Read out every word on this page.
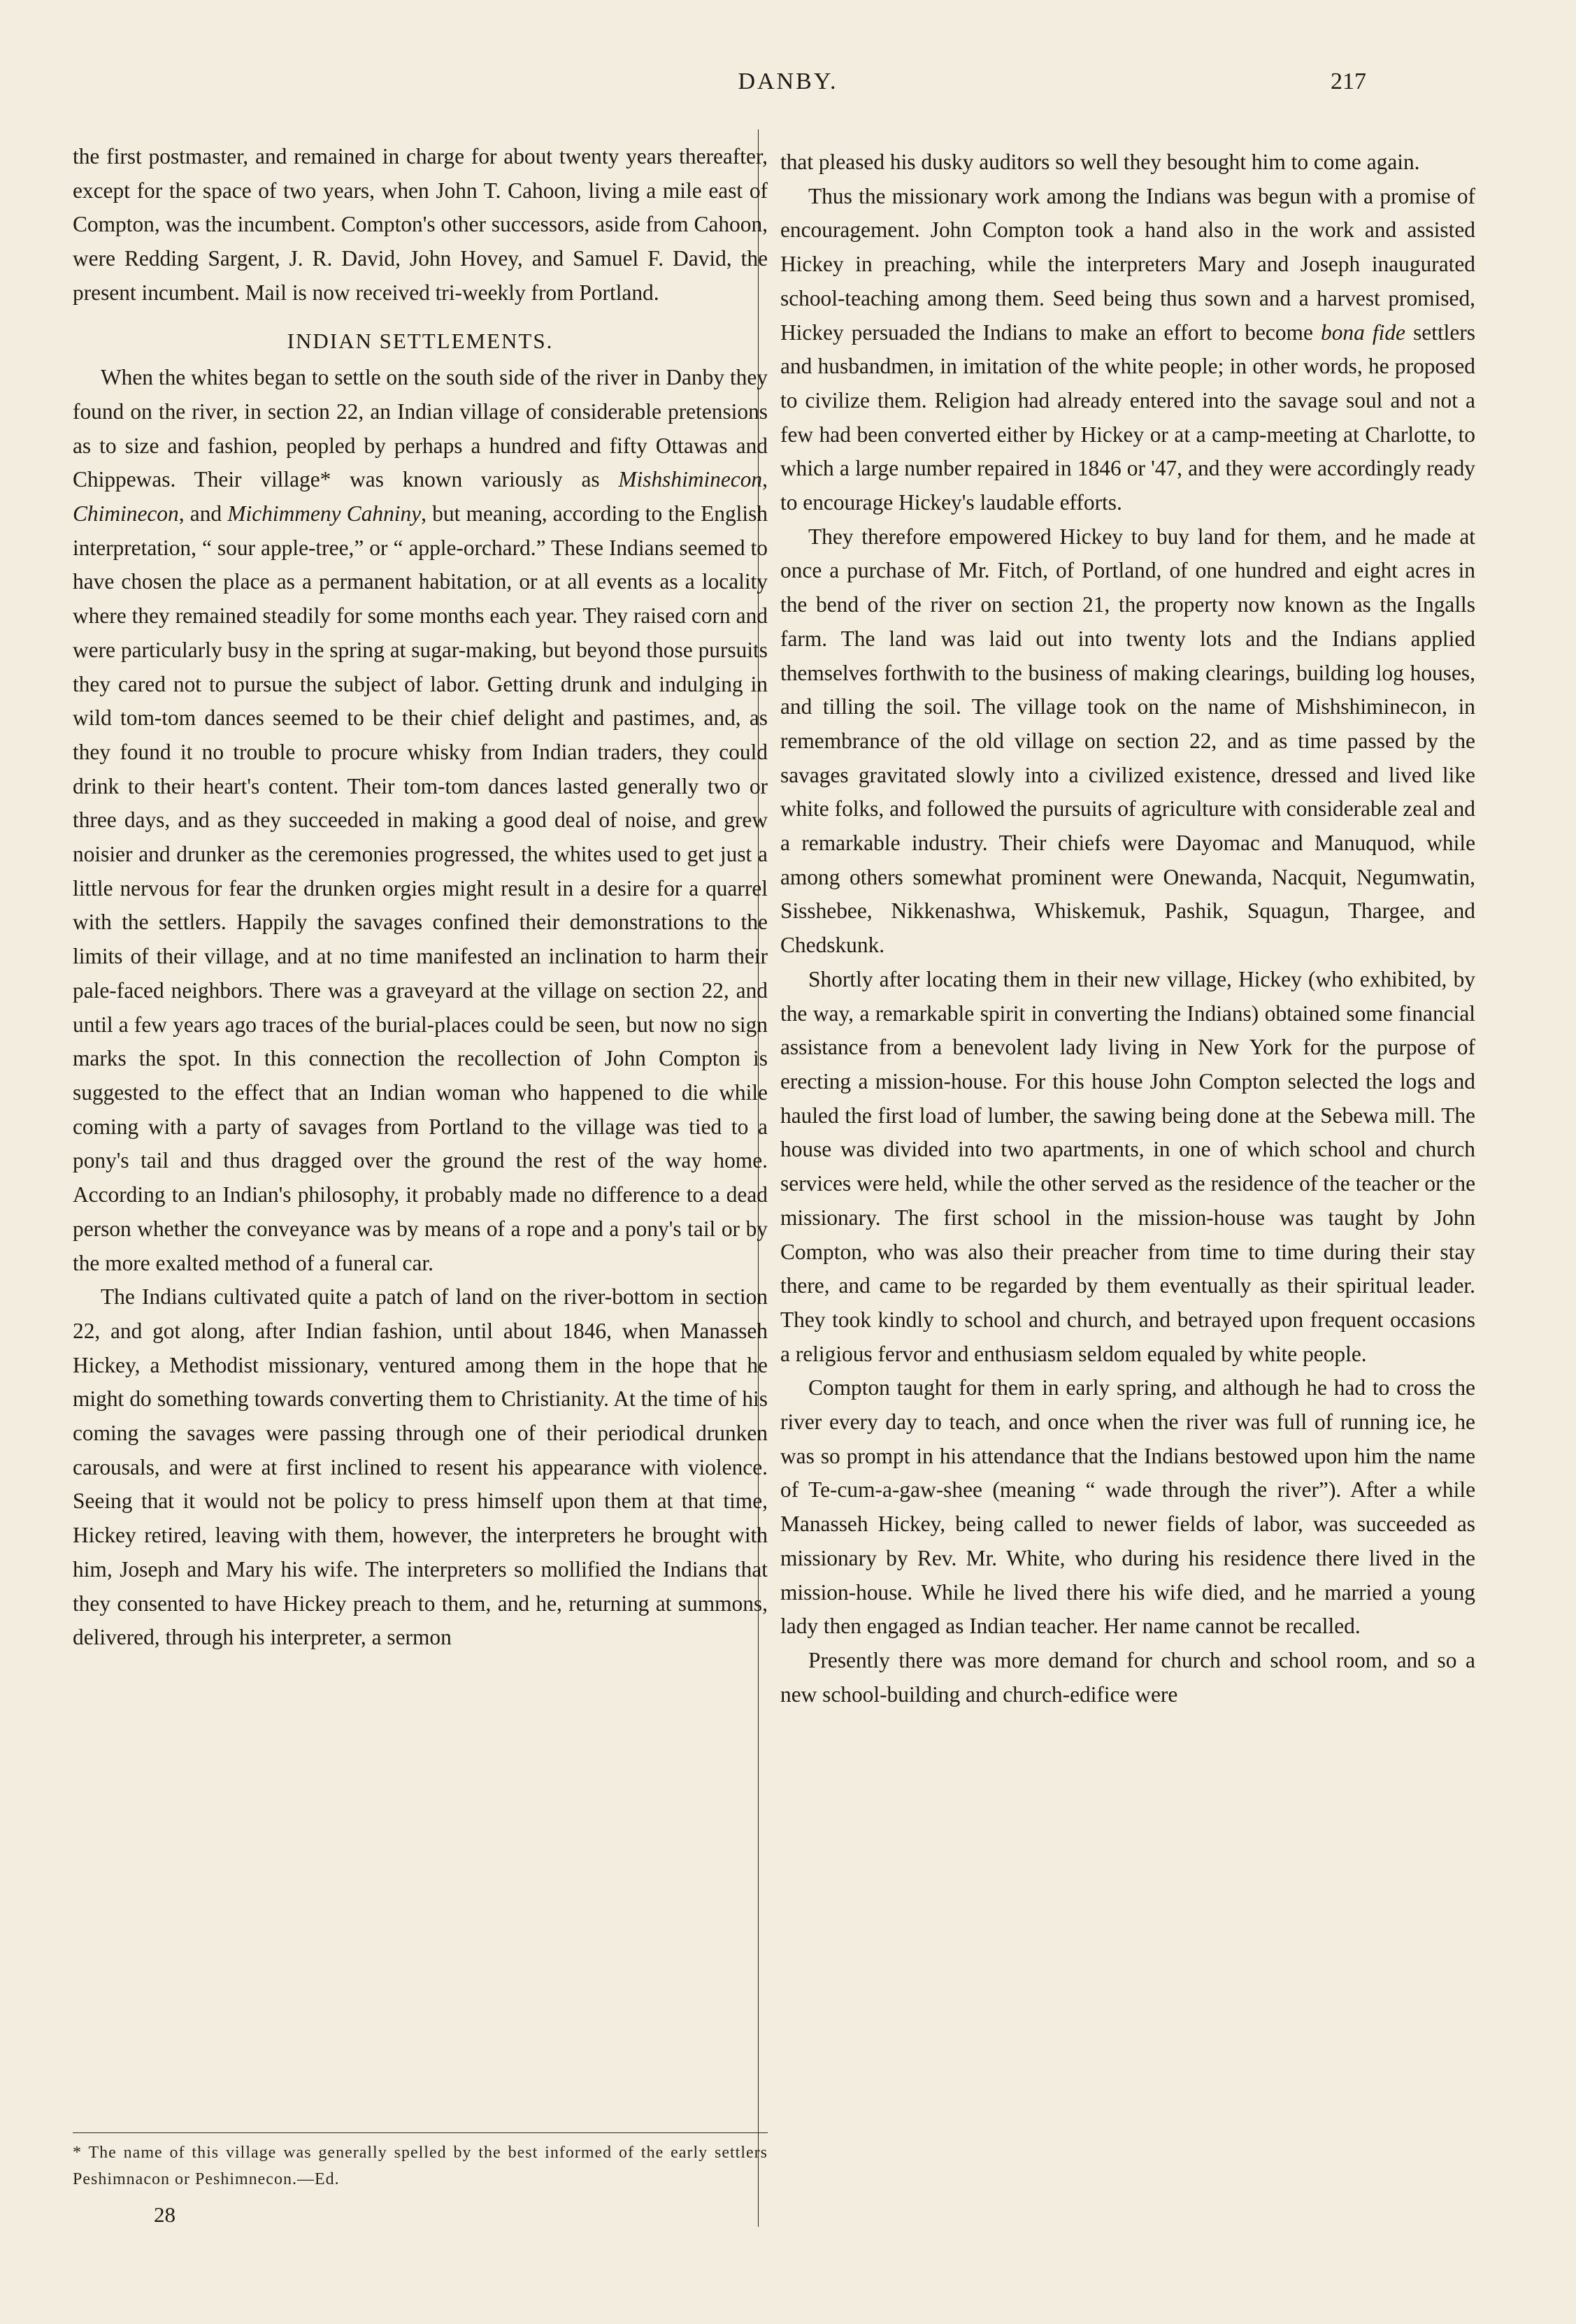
DANBY.	217

the first postmaster, and remained in charge for about twenty years thereafter, except for the space of two years, when John T. Cahoon, living a mile east of Compton, was the incumbent. Compton's other successors, aside from Cahoon, were Redding Sargent, J. R. David, John Hovey, and Samuel F. David, the present incumbent. Mail is now received tri-weekly from Portland.

INDIAN SETTLEMENTS.

When the whites began to settle on the south side of the river in Danby they found on the river, in section 22, an Indian village of considerable pretensions as to size and fashion, peopled by perhaps a hundred and fifty Ottawas and Chippewas. Their village* was known variously as Mishshiminecon, Chiminecon, and Michimmeny Cahniny, but meaning, according to the English interpretation, “ sour apple-tree,” or “ apple-orchard.” These Indians seemed to have chosen the place as a permanent habitation, or at all events as a locality where they remained steadily for some months each year. They raised corn and were particularly busy in the spring at sugar-making, but beyond those pursuits they cared not to pursue the subject of labor. Getting drunk and indulging in wild tom-tom dances seemed to be their chief delight and pastimes, and, as they found it no trouble to procure whisky from Indian traders, they could drink to their heart's content. Their tom-tom dances lasted generally two or three days, and as they succeeded in making a good deal of noise, and grew noisier and drunker as the ceremonies progressed, the whites used to get just a little nervous for fear the drunken orgies might result in a desire for a quarrel with the settlers. Happily the savages confined their demonstrations to the limits of their village, and at no time manifested an inclination to harm their pale-faced neighbors. There was a graveyard at the village on section 22, and until a few years ago traces of the burial-places could be seen, but now no sign marks the spot. In this connection the recollection of John Compton is suggested to the effect that an Indian woman who happened to die while coming with a party of savages from Portland to the village was tied to a pony's tail and thus dragged over the ground the rest of the way home. According to an Indian's philosophy, it probably made no difference to a dead person whether the conveyance was by means of a rope and a pony's tail or by the more exalted method of a funeral car.

The Indians cultivated quite a patch of land on the river-bottom in section 22, and got along, after Indian fashion, until about 1846, when Manasseh Hickey, a Methodist missionary, ventured among them in the hope that he might do something towards converting them to Christianity. At the time of his coming the savages were passing through one of their periodical drunken carousals, and were at first inclined to resent his appearance with violence. Seeing that it would not be policy to press himself upon them at that time, Hickey retired, leaving with them, however, the interpreters he brought with him, Joseph and Mary his wife. The interpreters so mollified the Indians that they consented to have Hickey preach to them, and he, returning at summons, delivered, through his interpreter, a sermon

that pleased his dusky auditors so well they besought him to come again.

Thus the missionary work among the Indians was begun with a promise of encouragement. John Compton took a hand also in the work and assisted Hickey in preaching, while the interpreters Mary and Joseph inaugurated school-teaching among them. Seed being thus sown and a harvest promised, Hickey persuaded the Indians to make an effort to become bona fide settlers and husbandmen, in imitation of the white people; in other words, he proposed to civilize them. Religion had already entered into the savage soul and not a few had been converted either by Hickey or at a camp-meeting at Charlotte, to which a large number repaired in 1846 or '47, and they were accordingly ready to encourage Hickey's laudable efforts.

They therefore empowered Hickey to buy land for them, and he made at once a purchase of Mr. Fitch, of Portland, of one hundred and eight acres in the bend of the river on section 21, the property now known as the Ingalls farm. The land was laid out into twenty lots and the Indians applied themselves forthwith to the business of making clearings, building log houses, and tilling the soil. The village took on the name of Mishshiminecon, in remembrance of the old village on section 22, and as time passed by the savages gravitated slowly into a civilized existence, dressed and lived like white folks, and followed the pursuits of agriculture with considerable zeal and a remarkable industry. Their chiefs were Dayomac and Manuquod, while among others somewhat prominent were Onewanda, Nacquit, Negumwatin, Sisshebee, Nikkenashwa, Whiskemuk, Pashik, Squagun, Thargee, and Chedskunk.

Shortly after locating them in their new village, Hickey (who exhibited, by the way, a remarkable spirit in converting the Indians) obtained some financial assistance from a benevolent lady living in New York for the purpose of erecting a mission-house. For this house John Compton selected the logs and hauled the first load of lumber, the sawing being done at the Sebewa mill. The house was divided into two apartments, in one of which school and church services were held, while the other served as the residence of the teacher or the missionary. The first school in the mission-house was taught by John Compton, who was also their preacher from time to time during their stay there, and came to be regarded by them eventually as their spiritual leader. They took kindly to school and church, and betrayed upon frequent occasions a religious fervor and enthusiasm seldom equaled by white people.

Compton taught for them in early spring, and although he had to cross the river every day to teach, and once when the river was full of running ice, he was so prompt in his attendance that the Indians bestowed upon him the name of Te-cum-a-gaw-shee (meaning “ wade through the river”). After a while Manasseh Hickey, being called to newer fields of labor, was succeeded as missionary by Rev. Mr. White, who during his residence there lived in the mission-house. While he lived there his wife died, and he married a young lady then engaged as Indian teacher. Her name cannot be recalled.

Presently there was more demand for church and school room, and so a new school-building and church-edifice were

* The name of this village was generally spelled by the best informed of the early settlers Peshimnacon or Peshimnecon.—Ed.
28
